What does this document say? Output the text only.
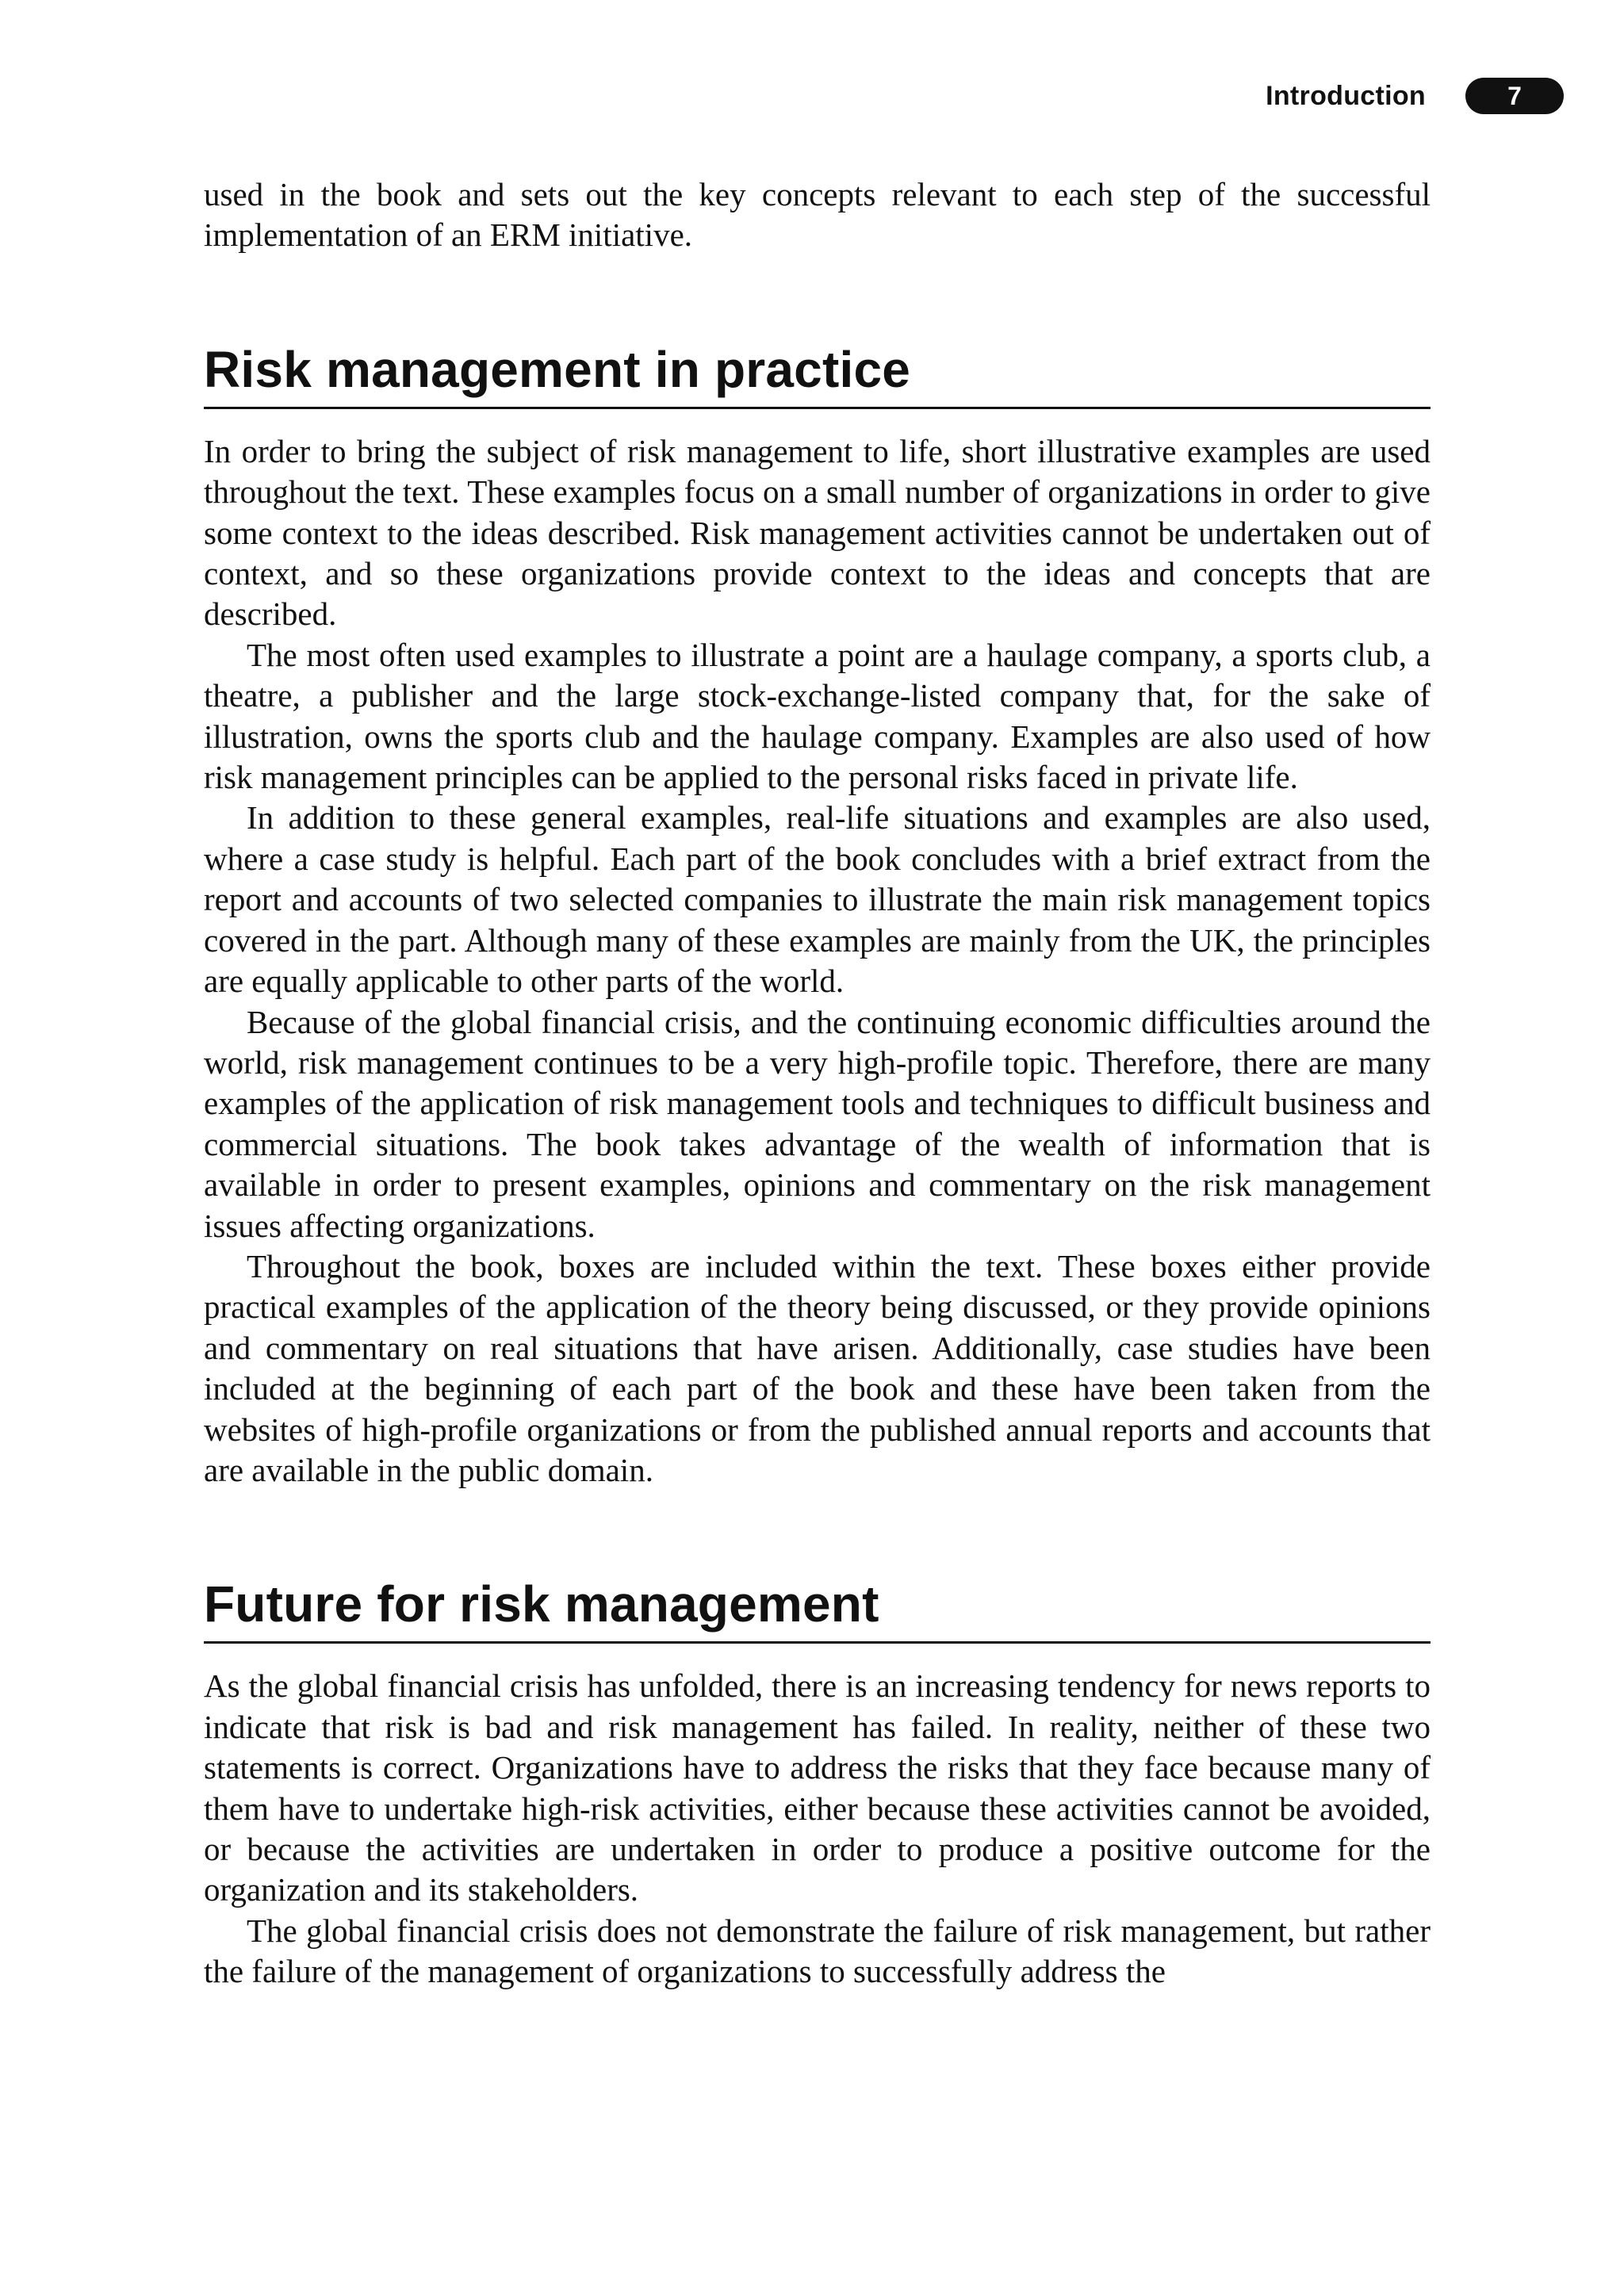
Introduction	7

used in the book and sets out the key concepts relevant to each step of the successful implementation of an ERM initiative.

Risk management in practice

In order to bring the subject of risk management to life, short illustrative examples are used throughout the text. These examples focus on a small number of organizations in order to give some context to the ideas described. Risk management activities cannot be undertaken out of context, and so these organizations provide context to the ideas and concepts that are described.

The most often used examples to illustrate a point are a haulage company, a sports club, a theatre, a publisher and the large stock-exchange-listed company that, for the sake of illustration, owns the sports club and the haulage company. Examples are also used of how risk management principles can be applied to the personal risks faced in private life.

In addition to these general examples, real-life situations and examples are also used, where a case study is helpful. Each part of the book concludes with a brief extract from the report and accounts of two selected companies to illustrate the main risk management topics covered in the part. Although many of these examples are mainly from the UK, the principles are equally applicable to other parts of the world.

Because of the global financial crisis, and the continuing economic difficulties around the world, risk management continues to be a very high-profile topic. Therefore, there are many examples of the application of risk management tools and techniques to difficult business and commercial situations. The book takes advantage of the wealth of information that is available in order to present examples, opinions and commentary on the risk management issues affecting organizations.

Throughout the book, boxes are included within the text. These boxes either provide practical examples of the application of the theory being discussed, or they provide opinions and commentary on real situations that have arisen. Additionally, case studies have been included at the beginning of each part of the book and these have been taken from the websites of high-profile organizations or from the published annual reports and accounts that are available in the public domain.

Future for risk management

As the global financial crisis has unfolded, there is an increasing tendency for news reports to indicate that risk is bad and risk management has failed. In reality, neither of these two statements is correct. Organizations have to address the risks that they face because many of them have to undertake high-risk activities, either because these activities cannot be avoided, or because the activities are undertaken in order to produce a positive outcome for the organization and its stakeholders.

The global financial crisis does not demonstrate the failure of risk management, but rather the failure of the management of organizations to successfully address the
